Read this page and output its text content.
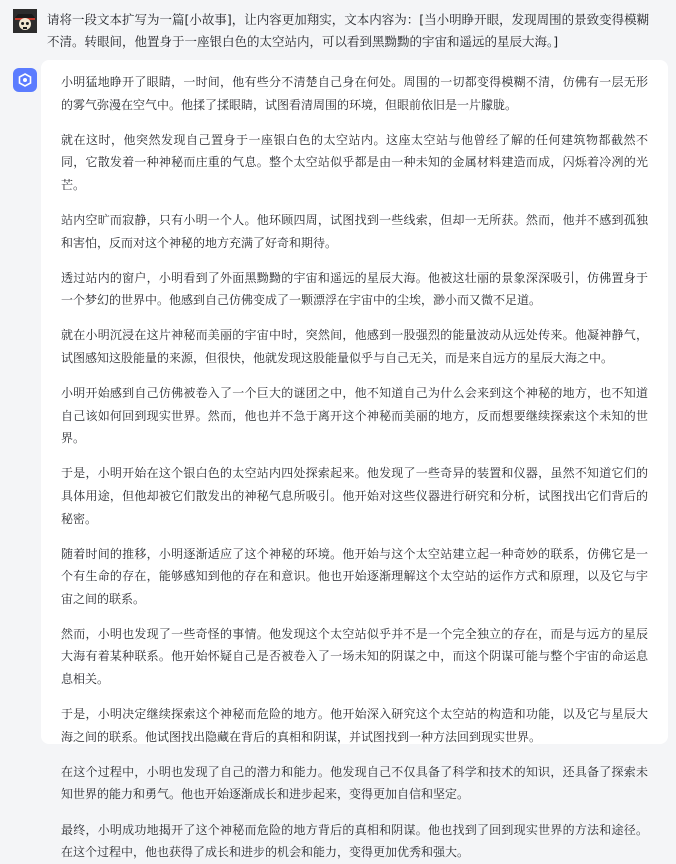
请将一段文本扩写为一篇[小故事]，让内容更加翔实，文本内容为：[当小明睁开眼，发现周围的景致变得模糊不清。转眼间，他置身于一座银白色的太空站内，可以看到黑黝黝的宇宙和遥远的星辰大海。]

小明猛地睁开了眼睛，一时间，他有些分不清楚自己身在何处。周围的一切都变得模糊不清，仿佛有一层无形的雾气弥漫在空气中。他揉了揉眼睛，试图看清周围的环境，但眼前依旧是一片朦胧。

就在这时，他突然发现自己置身于一座银白色的太空站内。这座太空站与他曾经了解的任何建筑物都截然不同，它散发着一种神秘而庄重的气息。整个太空站似乎都是由一种未知的金属材料建造而成，闪烁着冷冽的光芒。

站内空旷而寂静，只有小明一个人。他环顾四周，试图找到一些线索，但却一无所获。然而，他并不感到孤独和害怕，反而对这个神秘的地方充满了好奇和期待。

透过站内的窗户，小明看到了外面黑黝黝的宇宙和遥远的星辰大海。他被这壮丽的景象深深吸引，仿佛置身于一个梦幻的世界中。他感到自己仿佛变成了一颗漂浮在宇宙中的尘埃，渺小而又微不足道。

就在小明沉浸在这片神秘而美丽的宇宙中时，突然间，他感到一股强烈的能量波动从远处传来。他凝神静气，试图感知这股能量的来源，但很快，他就发现这股能量似乎与自己无关，而是来自远方的星辰大海之中。

小明开始感到自己仿佛被卷入了一个巨大的谜团之中，他不知道自己为什么会来到这个神秘的地方，也不知道自己该如何回到现实世界。然而，他也并不急于离开这个神秘而美丽的地方，反而想要继续探索这个未知的世界。

于是，小明开始在这个银白色的太空站内四处探索起来。他发现了一些奇异的装置和仪器，虽然不知道它们的具体用途，但他却被它们散发出的神秘气息所吸引。他开始对这些仪器进行研究和分析，试图找出它们背后的秘密。

随着时间的推移，小明逐渐适应了这个神秘的环境。他开始与这个太空站建立起一种奇妙的联系，仿佛它是一个有生命的存在，能够感知到他的存在和意识。他也开始逐渐理解这个太空站的运作方式和原理，以及它与宇宙之间的联系。

然而，小明也发现了一些奇怪的事情。他发现这个太空站似乎并不是一个完全独立的存在，而是与远方的星辰大海有着某种联系。他开始怀疑自己是否被卷入了一场未知的阴谋之中，而这个阴谋可能与整个宇宙的命运息息相关。

于是，小明决定继续探索这个神秘而危险的地方。他开始深入研究这个太空站的构造和功能，以及它与星辰大海之间的联系。他试图找出隐藏在背后的真相和阴谋，并试图找到一种方法回到现实世界。

在这个过程中，小明也发现了自己的潜力和能力。他发现自己不仅具备了科学和技术的知识，还具备了探索未知世界的能力和勇气。他也开始逐渐成长和进步起来，变得更加自信和坚定。

最终，小明成功地揭开了这个神秘而危险的地方背后的真相和阴谋。他也找到了回到现实世界的方法和途径。在这个过程中，他也获得了成长和进步的机会和能力，变得更加优秀和强大。
